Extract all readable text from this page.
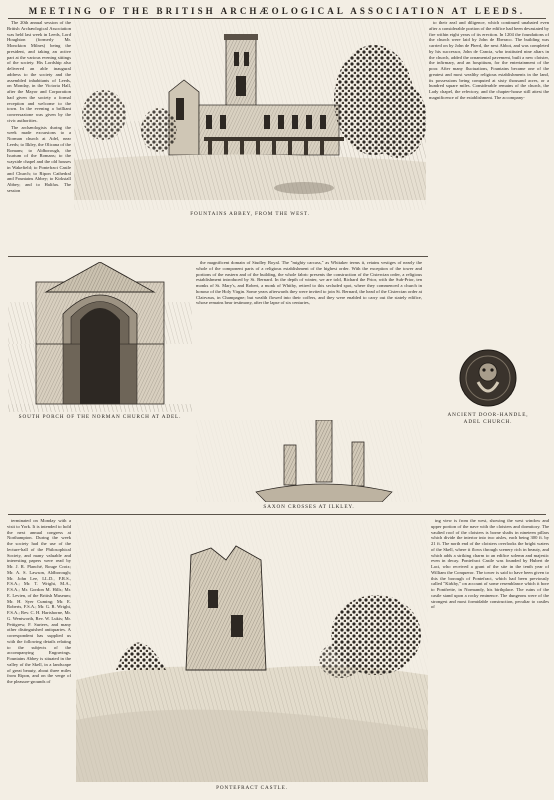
MEETING OF THE BRITISH ARCHÆOLOGICAL ASSOCIATION AT LEEDS.

The 20th annual session of the British Archæological Association was held last week in Leeds, Lord Houghton (formerly Mr. Monckton Milnes) being the president, and taking an active part at the various evening sittings of the society. His Lordship also delivered an able inaugural address to the society and the assembled inhabitants of Leeds, on Monday, in the Victoria Hall, after the Mayor and Corporation had given the society a formal reception and welcome to the town. In the evening a brilliant conversazione was given by the civic authorities.

The archæologists during the week made excursions to a Norman church at Adel, near Leeds; to Ilkley, the Olicana of the Romans; to Aldborough, the Isurium of the Romans; to the wayside chapel and the old houses in Wakefield; to Pontefract Castle and Church; to Ripon Cathedral and Fountains Abbey; to Kirkstall Abbey; and to Halifax. The session

FOUNTAINS ABBEY, FROM THE WEST.

to their zeal and diligence, which continued unabated even after a considerable portion of the edifice had been devastated by fire within eight years of its erection. In 1204 the foundations of the church were laid by John de Eberaco. The building was carried on by John de Pherd, the next Abbot, and was completed by his successor, John de Cancia, who instituted nine altars in the church, added the ornamental pavement, built a new cloister, the infirmary, and an hospitium, for the entertainment of the poor. After many fluctuations, Fountains became one of the greatest and most wealthy religious establishments in the land, its possessions being computed at sixty thousand acres, or a hundred square miles. Considerable remains of the church, the Lady chapel, the refectory, and the chapter-house still attest the magnificence of the establishment. The accompany-

the magnificent domain of Studley Royal. The "mighty carcass," as Whitaker terms it, retains vestiges of nearly the whole of the component parts of a religious establishment of the highest order. With the exception of the tower and portions of the eastern and of the building, the whole fabric presents the construction of the Cistercian order, a religious establishment introduced by St. Bernard. In the depth of winter, we are told, Richard the Prior, with the Sub-Prior, ten monks of St. Mary's, and Robert, a monk of Whitby, retired to this secluded spot, where they commenced a church in honour of the Holy Virgin. Some years afterwards they were invited to join St. Bernard, the head of the Cistercian order at Clairvaux, in Champagne; but wealth flowed into their coffers, and they were enabled to carry out the stately edifice, whose remains bear testimony, after the lapse of six centuries,

ANCIENT DOOR-HANDLE,
ADEL CHURCH.
SOUTH PORCH OF THE NORMAN CHURCH AT ADEL.
SAXON CROSSES AT ILKLEY.

terminated on Monday with a visit to York. It is intended to hold the next annual congress at Northampton. During the week the society had the use of the lecture-hall of the Philosophical Society, and many valuable and interesting papers were read by Mr. J. R. Planché, Rouge Croix; Mr. A. S. Lawson, Aldborough; Mr. John Lee, LL.D., F.R.S., F.S.A.; Mr. T. Wright, M.A., F.S.A.; Mr. Gordon M. Hills; Mr. E. Levien, of the British Museum; Mr. H. Syer Cuming; Mr. E. Roberts, F.S.A.; Mr. G. R. Wright, F.S.A.; Rev. C. H. Hartshorne, Mr. G. Wentworth, Rev. W. Lukis; Mr. Pettigrew, F. Surtees, and many other distinguished antiquaries. A correspondent has supplied us with the following details relating to the subjects of the accompanying Engravings. Fountains Abbey is situated in the valley of the Skell, in a landscape of great beauty, about three miles from Ripon, and on the verge of the pleasure-grounds of

PONTEFRACT CASTLE.

ing view is from the west, showing the west window and upper portion of the nave with the cloisters and dormitory. The vaulted roof of the cloisters is borne shafts in nineteen pillars which divide the interior into two aisles, each being 300 ft. by 21 ft. The north end of the cloisters overlooks the bright waters of the Skell, where it flows through scenery rich in beauty, and which adds a striking charm to an edifice solemn and majestic even in decay. Pontefract Castle was founded by Hubert de Laci, who received a grant of the site in the tenth year of William the Conqueror. The tower is said to have been given to this the borough of Pontefract, which had been previously called "Kirkby," on account of some resemblance which it bore to Pontfreite, in Normandy, his birthplace. The ruins of the castle stand upon a rocky eminence. The dungeons were of the strongest and most formidable construction, peculiar to castles of
